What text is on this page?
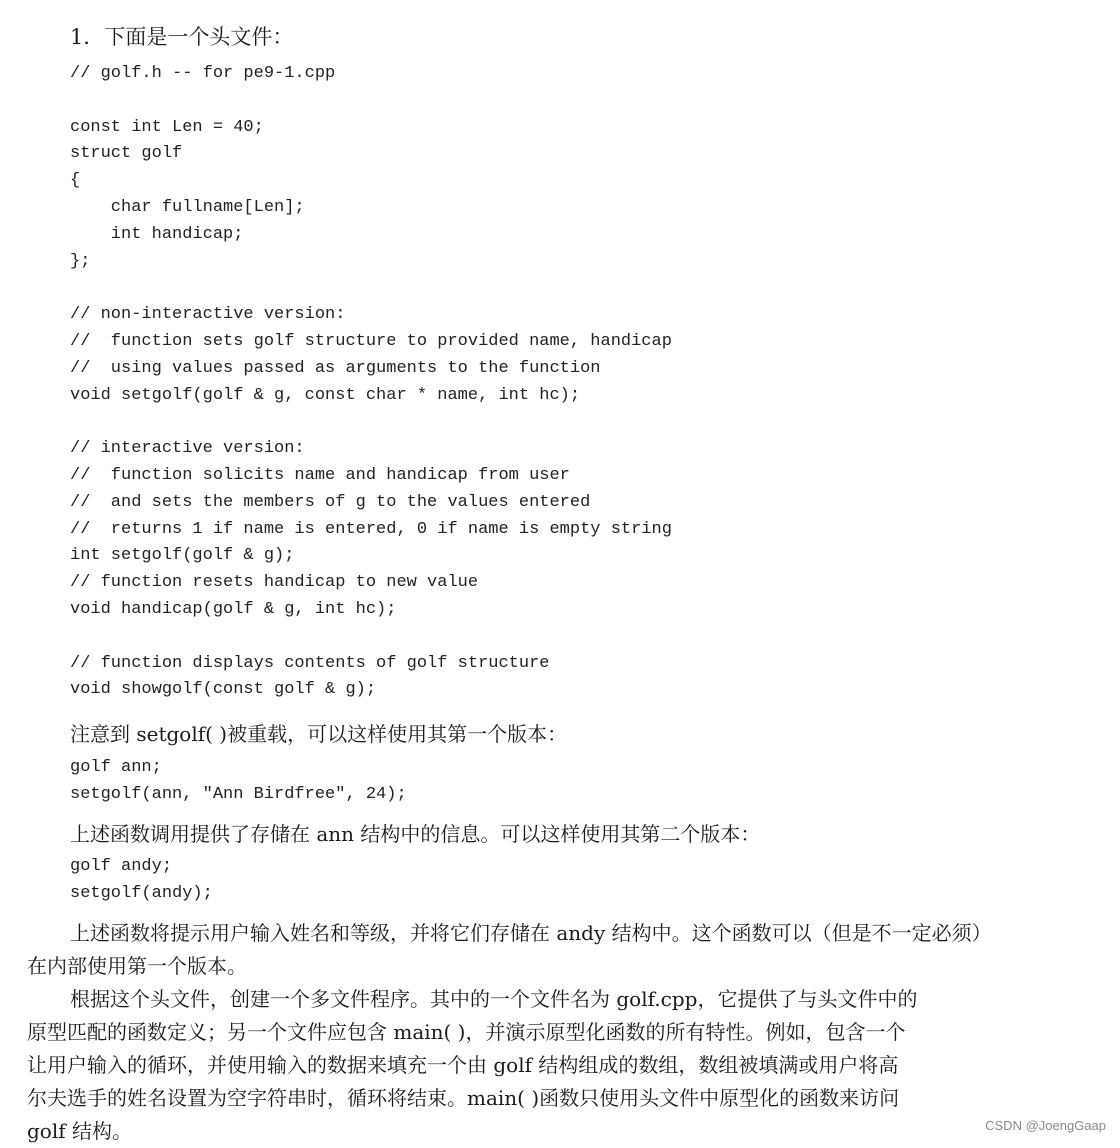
1．下面是一个头文件：
// golf.h -- for pe9-1.cpp
const int Len = 40;
struct golf
{
char fullname[Len];
int handicap;
};
// non-interactive version:
//  function sets golf structure to provided name, handicap
//  using values passed as arguments to the function
void setgolf(golf & g, const char * name, int hc);
// interactive version:
//  function solicits name and handicap from user
//  and sets the members of g to the values entered
//  returns 1 if name is entered, 0 if name is empty string
int setgolf(golf & g);
// function resets handicap to new value
void handicap(golf & g, int hc);
// function displays contents of golf structure
void showgolf(const golf & g);
注意到 setgolf( )被重载，可以这样使用其第一个版本：
golf ann;
setgolf(ann, "Ann Birdfree", 24);
上述函数调用提供了存储在 ann 结构中的信息。可以这样使用其第二个版本：
golf andy;
setgolf(andy);
上述函数将提示用户输入姓名和等级，并将它们存储在 andy 结构中。这个函数可以（但是不一定必须）
在内部使用第一个版本。
根据这个头文件，创建一个多文件程序。其中的一个文件名为 golf.cpp，它提供了与头文件中的
原型匹配的函数定义；另一个文件应包含 main( )，并演示原型化函数的所有特性。例如，包含一个
让用户输入的循环，并使用输入的数据来填充一个由 golf 结构组成的数组，数组被填满或用户将高
尔夫选手的姓名设置为空字符串时，循环将结束。main( )函数只使用头文件中原型化的函数来访问
golf 结构。	CSDN @JoengGaap
